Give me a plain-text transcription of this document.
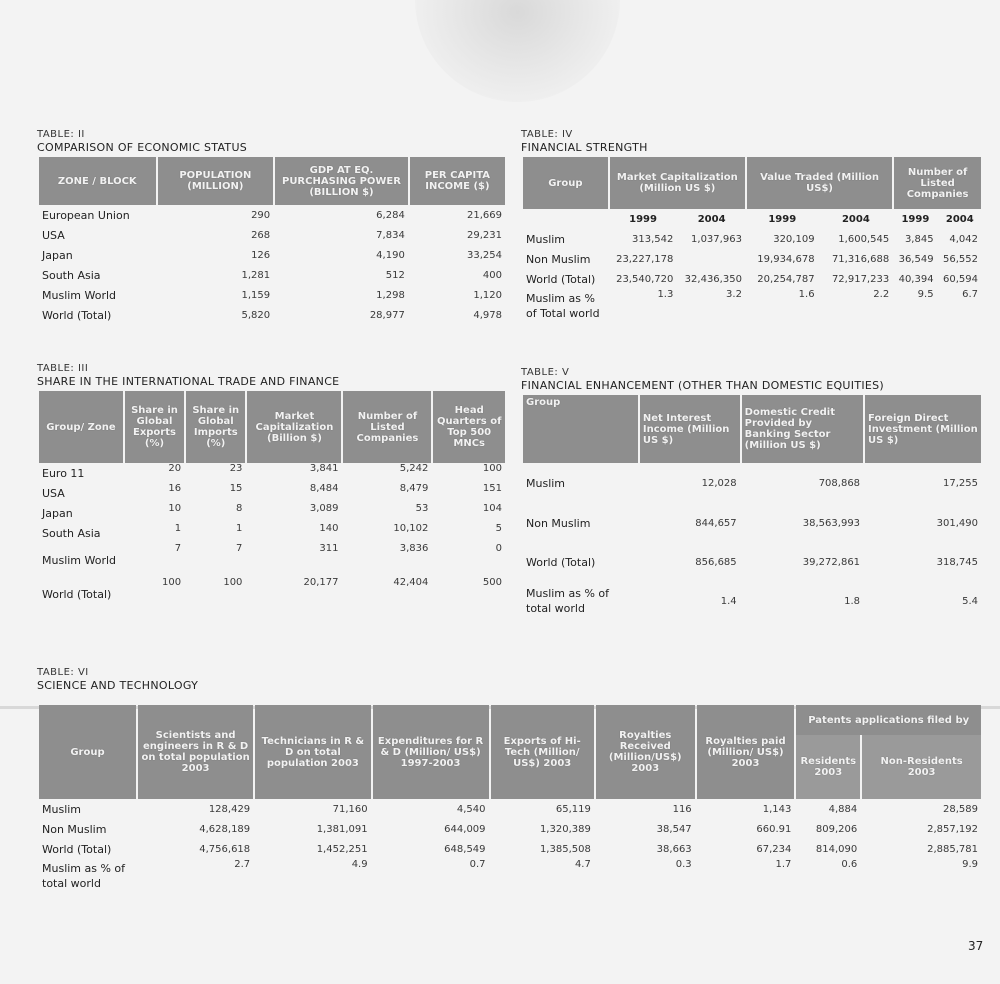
TABLE: II
COMPARISON OF ECONOMIC STATUS
ZONE / BLOCK	POPULATION (MILLION)	GDP AT EQ. PURCHASING POWER (BILLION $)	PER CAPITA INCOME ($)
European Union	290	6,284	21,669
USA	268	7,834	29,231
Japan	126	4,190	33,254
South Asia	1,281	512	400
Muslim World	1,159	1,298	1,120
World (Total)	5,820	28,977	4,978
TABLE: III
SHARE IN THE INTERNATIONAL TRADE AND FINANCE
Group/ Zone	Share in Global Exports (%)	Share in Global Imports (%)	Market Capitalization (Billion $)	Number of Listed Companies	Head Quarters of Top 500 MNCs
Euro 11	20	23	3,841	5,242	100
USA	16	15	8,484	8,479	151
Japan	10	8	3,089	53	104
South Asia	1	1	140	10,102	5
Muslim World	7	7	311	3,836	0
World (Total)	100	100	20,177	42,404	500
TABLE: IV
FINANCIAL STRENGTH
Group	Market Capitalization (Million US $)		Value Traded (Million US$)		Number of Listed Companies	
	1999	2004	1999	2004	1999	2004
Muslim	313,542	1,037,963	320,109	1,600,545	3,845	4,042
Non Muslim	23,227,178		19,934,678	71,316,688	36,549	56,552
World (Total)	23,540,720	32,436,350	20,254,787	72,917,233	40,394	60,594
Muslim as % of Total world	1.3	3.2	1.6	2.2	9.5	6.7
TABLE: V
FINANCIAL ENHANCEMENT (OTHER THAN DOMESTIC EQUITIES)
Group	Net Interest Income (Million US $)	Domestic Credit Provided by Banking Sector (Million US $)	Foreign Direct Investment (Million US $)
Muslim	12,028	708,868	17,255
Non Muslim	844,657	38,563,993	301,490
World (Total)	856,685	39,272,861	318,745
Muslim as % of total world	1.4	1.8	5.4
TABLE: VI
SCIENCE AND TECHNOLOGY
Group	Scientists and engineers in R & D on total population 2003	Technicians in R & D on total population 2003	Expenditures for R & D (Million/ US$) 1997-2003	Exports of Hi-Tech (Million/ US$) 2003	Royalties Received (Million/US$) 2003	Royalties paid (Million/ US$) 2003	Patents applications filed by	
							Residents 2003	Non-Residents 2003
Muslim	128,429	71,160	4,540	65,119	116	1,143	4,884	28,589
Non Muslim	4,628,189	1,381,091	644,009	1,320,389	38,547	660.91	809,206	2,857,192
World (Total)	4,756,618	1,452,251	648,549	1,385,508	38,663	67,234	814,090	2,885,781
Muslim as % of total world	2.7	4.9	0.7	4.7	0.3	1.7	0.6	9.9
37
